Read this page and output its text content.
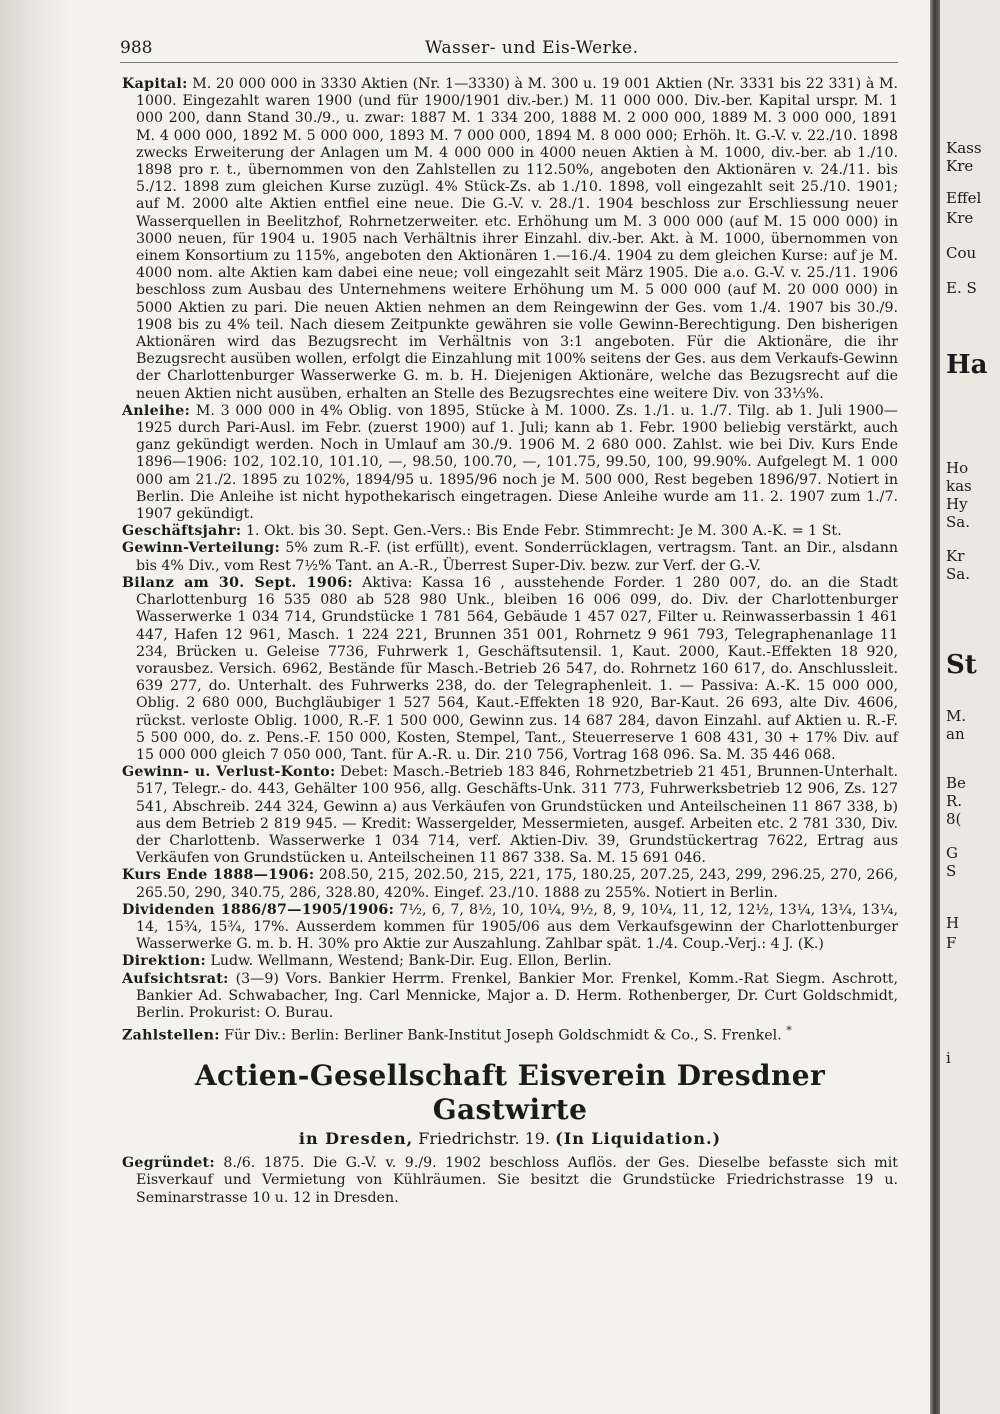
988	Wasser- und Eis-Werke.

Kapital: M. 20 000 000 in 3330 Aktien (Nr. 1—3330) à M. 300 u. 19 001 Aktien (Nr. 3331 bis 22 331) à M. 1000. Eingezahlt waren 1900 (und für 1900/1901 div.-ber.) M. 11 000 000. Div.-ber. Kapital urspr. M. 1 000 200, dann Stand 30./9., u. zwar: 1887 M. 1 334 200, 1888 M. 2 000 000, 1889 M. 3 000 000, 1891 M. 4 000 000, 1892 M. 5 000 000, 1893 M. 7 000 000, 1894 M. 8 000 000; Erhöh. lt. G.-V. v. 22./10. 1898 zwecks Erweiterung der Anlagen um M. 4 000 000 in 4000 neuen Aktien à M. 1000, div.-ber. ab 1./10. 1898 pro r. t., übernommen von den Zahlstellen zu 112.50%, angeboten den Aktionären v. 24./11. bis 5./12. 1898 zum gleichen Kurse zuzügl. 4% Stück-Zs. ab 1./10. 1898, voll eingezahlt seit 25./10. 1901; auf M. 2000 alte Aktien entfiel eine neue. Die G.-V. v. 28./1. 1904 beschloss zur Erschliessung neuer Wasserquellen in Beelitzhof, Rohrnetzerweiter. etc. Erhöhung um M. 3 000 000 (auf M. 15 000 000) in 3000 neuen, für 1904 u. 1905 nach Verhältnis ihrer Einzahl. div.-ber. Akt. à M. 1000, übernommen von einem Konsortium zu 115%, angeboten den Aktionären 1.—16./4. 1904 zu dem gleichen Kurse: auf je M. 4000 nom. alte Aktien kam dabei eine neue; voll eingezahlt seit März 1905. Die a.o. G.-V. v. 25./11. 1906 beschloss zum Ausbau des Unternehmens weitere Erhöhung um M. 5 000 000 (auf M. 20 000 000) in 5000 Aktien zu pari. Die neuen Aktien nehmen an dem Reingewinn der Ges. vom 1./4. 1907 bis 30./9. 1908 bis zu 4% teil. Nach diesem Zeitpunkte gewähren sie volle Gewinn-Berechtigung. Den bisherigen Aktionären wird das Bezugsrecht im Verhältnis von 3:1 angeboten. Für die Aktionäre, die ihr Bezugsrecht ausüben wollen, erfolgt die Einzahlung mit 100% seitens der Ges. aus dem Verkaufs-Gewinn der Charlottenburger Wasserwerke G. m. b. H. Diejenigen Aktionäre, welche das Bezugsrecht auf die neuen Aktien nicht ausüben, erhalten an Stelle des Bezugsrechtes eine weitere Div. von 33⅓%.

Anleihe: M. 3 000 000 in 4% Oblig. von 1895, Stücke à M. 1000. Zs. 1./1. u. 1./7. Tilg. ab 1. Juli 1900—1925 durch Pari-Ausl. im Febr. (zuerst 1900) auf 1. Juli; kann ab 1. Febr. 1900 beliebig verstärkt, auch ganz gekündigt werden. Noch in Umlauf am 30./9. 1906 M. 2 680 000. Zahlst. wie bei Div. Kurs Ende 1896—1906: 102, 102.10, 101.10, —, 98.50, 100.70, —, 101.75, 99.50, 100, 99.90%. Aufgelegt M. 1 000 000 am 21./2. 1895 zu 102%, 1894/95 u. 1895/96 noch je M. 500 000, Rest begeben 1896/97. Notiert in Berlin. Die Anleihe ist nicht hypothekarisch eingetragen. Diese Anleihe wurde am 11. 2. 1907 zum 1./7. 1907 gekündigt.

Geschäftsjahr: 1. Okt. bis 30. Sept. Gen.-Vers.: Bis Ende Febr. Stimmrecht: Je M. 300 A.-K. = 1 St.

Gewinn-Verteilung: 5% zum R.-F. (ist erfüllt), event. Sonderrücklagen, vertragsm. Tant. an Dir., alsdann bis 4% Div., vom Rest 7½% Tant. an A.-R., Überrest Super-Div. bezw. zur Verf. der G.-V.

Bilanz am 30. Sept. 1906: Aktiva: Kassa 16 , ausstehende Forder. 1 280 007, do. an die Stadt Charlottenburg 16 535 080 ab 528 980 Unk., bleiben 16 006 099, do. Div. der Charlottenburger Wasserwerke 1 034 714, Grundstücke 1 781 564, Gebäude 1 457 027, Filter u. Reinwasserbassin 1 461 447, Hafen 12 961, Masch. 1 224 221, Brunnen 351 001, Rohrnetz 9 961 793, Telegraphenanlage 11 234, Brücken u. Geleise 7736, Fuhrwerk 1, Geschäftsutensil. 1, Kaut. 2000, Kaut.-Effekten 18 920, vorausbez. Versich. 6962, Bestände für Masch.-Betrieb 26 547, do. Rohrnetz 160 617, do. Anschlussleit. 639 277, do. Unterhalt. des Fuhrwerks 238, do. der Telegraphenleit. 1. — Passiva: A.-K. 15 000 000, Oblig. 2 680 000, Buchgläubiger 1 527 564, Kaut.-Effekten 18 920, Bar-Kaut. 26 693, alte Div. 4606, rückst. verloste Oblig. 1000, R.-F. 1 500 000, Gewinn zus. 14 687 284, davon Einzahl. auf Aktien u. R.-F. 5 500 000, do. z. Pens.-F. 150 000, Kosten, Stempel, Tant., Steuerreserve 1 608 431, 30 + 17% Div. auf 15 000 000 gleich 7 050 000, Tant. für A.-R. u. Dir. 210 756, Vortrag 168 096. Sa. M. 35 446 068.

Gewinn- u. Verlust-Konto: Debet: Masch.-Betrieb 183 846, Rohrnetzbetrieb 21 451, Brunnen-Unterhalt. 517, Telegr.- do. 443, Gehälter 100 956, allg. Geschäfts-Unk. 311 773, Fuhrwerksbetrieb 12 906, Zs. 127 541, Abschreib. 244 324, Gewinn a) aus Verkäufen von Grundstücken und Anteilscheinen 11 867 338, b) aus dem Betrieb 2 819 945. — Kredit: Wassergelder, Messermieten, ausgef. Arbeiten etc. 2 781 330, Div. der Charlottenb. Wasserwerke 1 034 714, verf. Aktien-Div. 39, Grundstückertrag 7622, Ertrag aus Verkäufen von Grundstücken u. Anteilscheinen 11 867 338. Sa. M. 15 691 046.

Kurs Ende 1888—1906: 208.50, 215, 202.50, 215, 221, 175, 180.25, 207.25, 243, 299, 296.25, 270, 266, 265.50, 290, 340.75, 286, 328.80, 420%. Eingef. 23./10. 1888 zu 255%. Notiert in Berlin.

Dividenden 1886/87—1905/1906: 7½, 6, 7, 8½, 10, 10¼, 9½, 8, 9, 10¼, 11, 12, 12½, 13¼, 13¼, 13¼, 14, 15¾, 15¾, 17%. Ausserdem kommen für 1905/06 aus dem Verkaufsgewinn der Charlottenburger Wasserwerke G. m. b. H. 30% pro Aktie zur Auszahlung. Zahlbar spät. 1./4. Coup.-Verj.: 4 J. (K.)

Direktion: Ludw. Wellmann, Westend; Bank-Dir. Eug. Ellon, Berlin.

Aufsichtsrat: (3—9) Vors. Bankier Herrm. Frenkel, Bankier Mor. Frenkel, Komm.-Rat Siegm. Aschrott, Bankier Ad. Schwabacher, Ing. Carl Mennicke, Major a. D. Herm. Rothenberger, Dr. Curt Goldschmidt, Berlin. Prokurist: O. Burau.

Zahlstellen: Für Div.: Berlin: Berliner Bank-Institut Joseph Goldschmidt & Co., S. Frenkel. *

Actien-Gesellschaft Eisverein Dresdner Gastwirte
in Dresden, Friedrichstr. 19. (In Liquidation.)

Gegründet: 8./6. 1875. Die G.-V. v. 9./9. 1902 beschloss Auflös. der Ges. Dieselbe befasste sich mit Eisverkauf und Vermietung von Kühlräumen. Sie besitzt die Grundstücke Friedrichstrasse 19 u. Seminarstrasse 10 u. 12 in Dresden.

Kass
Kre
Effel
Kre
Cou
E. S
Ha
Ho
kas
Hy
Sa.
Kr
Sa.
St
M.
an
Be
R.
8(
G
S
H
F
i
